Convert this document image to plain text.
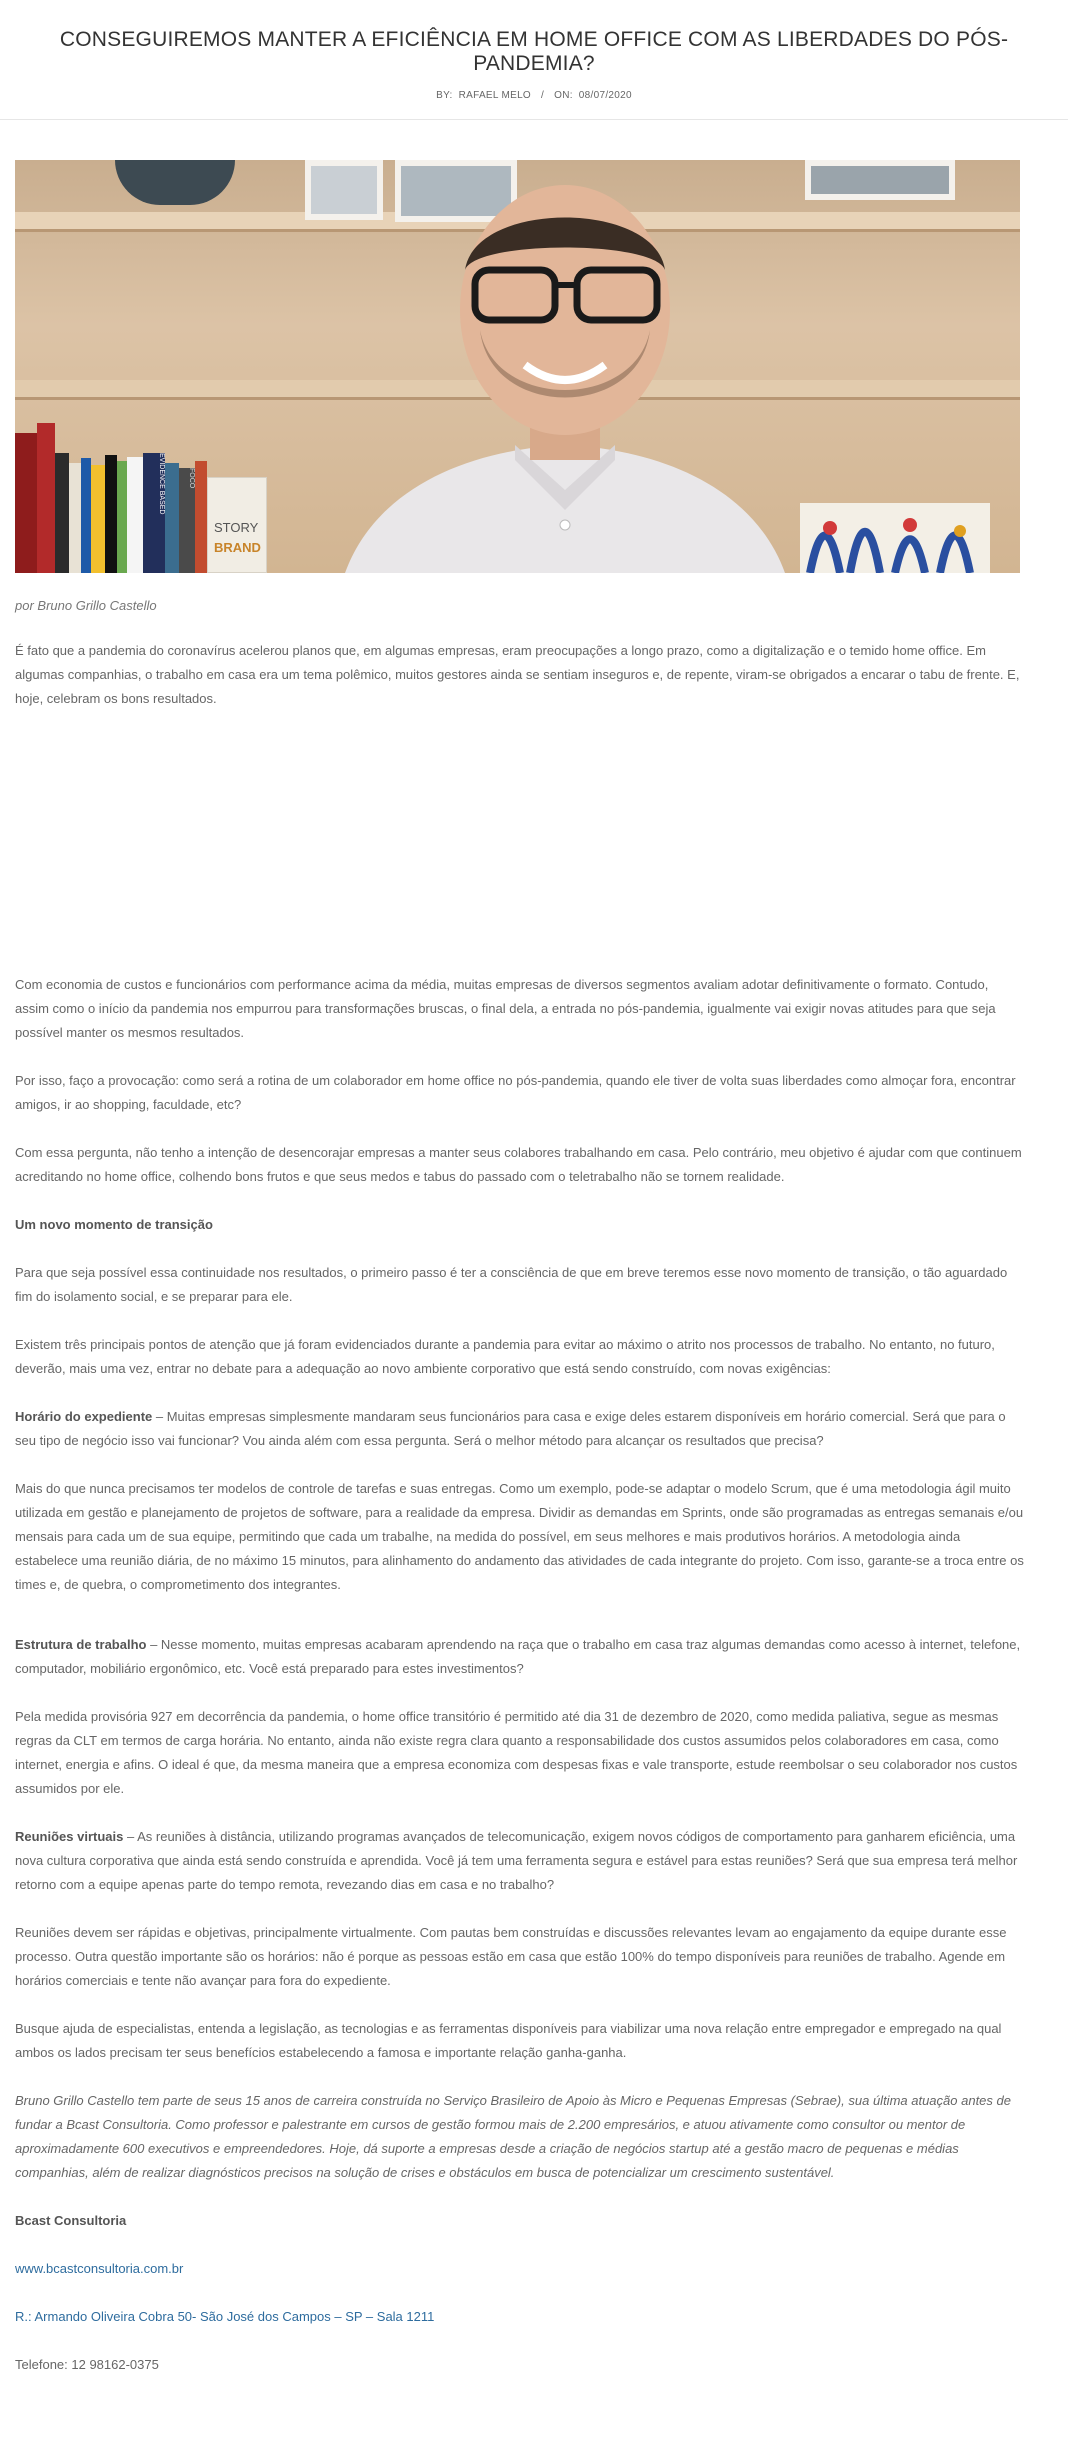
CONSEGUIREMOS MANTER A EFICIÊNCIA EM HOME OFFICE COM AS LIBERDADES DO PÓS-PANDEMIA?
BY: RAFAEL MELO / ON: 08/07/2020
EVIDENCE BASED	FOCO
STORY
BRAND
por Bruno Grillo Castello

É fato que a pandemia do coronavírus acelerou planos que, em algumas empresas, eram preocupações a longo prazo, como a digitalização e o temido home office. Em algumas companhias, o trabalho em casa era um tema polêmico, muitos gestores ainda se sentiam inseguros e, de repente, viram-se obrigados a encarar o tabu de frente. E, hoje, celebram os bons resultados.

Com economia de custos e funcionários com performance acima da média, muitas empresas de diversos segmentos avaliam adotar definitivamente o formato. Contudo, assim como o início da pandemia nos empurrou para transformações bruscas, o final dela, a entrada no pós-pandemia, igualmente vai exigir novas atitudes para que seja possível manter os mesmos resultados.

Por isso, faço a provocação: como será a rotina de um colaborador em home office no pós-pandemia, quando ele tiver de volta suas liberdades como almoçar fora, encontrar amigos, ir ao shopping, faculdade, etc?

Com essa pergunta, não tenho a intenção de desencorajar empresas a manter seus colabores trabalhando em casa. Pelo contrário, meu objetivo é ajudar com que continuem acreditando no home office, colhendo bons frutos e que seus medos e tabus do passado com o teletrabalho não se tornem realidade.

Um novo momento de transição

Para que seja possível essa continuidade nos resultados, o primeiro passo é ter a consciência de que em breve teremos esse novo momento de transição, o tão aguardado fim do isolamento social, e se preparar para ele.

Existem três principais pontos de atenção que já foram evidenciados durante a pandemia para evitar ao máximo o atrito nos processos de trabalho. No entanto, no futuro, deverão, mais uma vez, entrar no debate para a adequação ao novo ambiente corporativo que está sendo construído, com novas exigências:

Horário do expediente – Muitas empresas simplesmente mandaram seus funcionários para casa e exige deles estarem disponíveis em horário comercial. Será que para o seu tipo de negócio isso vai funcionar? Vou ainda além com essa pergunta. Será o melhor método para alcançar os resultados que precisa?

Mais do que nunca precisamos ter modelos de controle de tarefas e suas entregas. Como um exemplo, pode-se adaptar o modelo Scrum, que é uma metodologia ágil muito utilizada em gestão e planejamento de projetos de software, para a realidade da empresa. Dividir as demandas em Sprints, onde são programadas as entregas semanais e/ou mensais para cada um de sua equipe, permitindo que cada um trabalhe, na medida do possível, em seus melhores e mais produtivos horários. A metodologia ainda estabelece uma reunião diária, de no máximo 15 minutos, para alinhamento do andamento das atividades de cada integrante do projeto. Com isso, garante-se a troca entre os times e, de quebra, o comprometimento dos integrantes.

Estrutura de trabalho – Nesse momento, muitas empresas acabaram aprendendo na raça que o trabalho em casa traz algumas demandas como acesso à internet, telefone, computador, mobiliário ergonômico, etc. Você está preparado para estes investimentos?

Pela medida provisória 927 em decorrência da pandemia, o home office transitório é permitido até dia 31 de dezembro de 2020, como medida paliativa, segue as mesmas regras da CLT em termos de carga horária. No entanto, ainda não existe regra clara quanto a responsabilidade dos custos assumidos pelos colaboradores em casa, como internet, energia e afins. O ideal é que, da mesma maneira que a empresa economiza com despesas fixas e vale transporte, estude reembolsar o seu colaborador nos custos assumidos por ele.

Reuniões virtuais – As reuniões à distância, utilizando programas avançados de telecomunicação, exigem novos códigos de comportamento para ganharem eficiência, uma nova cultura corporativa que ainda está sendo construída e aprendida. Você já tem uma ferramenta segura e estável para estas reuniões? Será que sua empresa terá melhor retorno com a equipe apenas parte do tempo remota, revezando dias em casa e no trabalho?

Reuniões devem ser rápidas e objetivas, principalmente virtualmente. Com pautas bem construídas e discussões relevantes levam ao engajamento da equipe durante esse processo. Outra questão importante são os horários: não é porque as pessoas estão em casa que estão 100% do tempo disponíveis para reuniões de trabalho. Agende em horários comerciais e tente não avançar para fora do expediente.

Busque ajuda de especialistas, entenda a legislação, as tecnologias e as ferramentas disponíveis para viabilizar uma nova relação entre empregador e empregado na qual ambos os lados precisam ter seus benefícios estabelecendo a famosa e importante relação ganha-ganha.

Bruno Grillo Castello tem parte de seus 15 anos de carreira construída no Serviço Brasileiro de Apoio às Micro e Pequenas Empresas (Sebrae), sua última atuação antes de fundar a Bcast Consultoria. Como professor e palestrante em cursos de gestão formou mais de 2.200 empresários, e atuou ativamente como consultor ou mentor de aproximadamente 600 executivos e empreendedores. Hoje, dá suporte a empresas desde a criação de negócios startup até a gestão macro de pequenas e médias companhias, além de realizar diagnósticos precisos na solução de crises e obstáculos em busca de potencializar um crescimento sustentável.

Bcast Consultoria

www.bcastconsultoria.com.br

R.: Armando Oliveira Cobra 50- São José dos Campos – SP – Sala 1211

Telefone: 12 98162-0375
